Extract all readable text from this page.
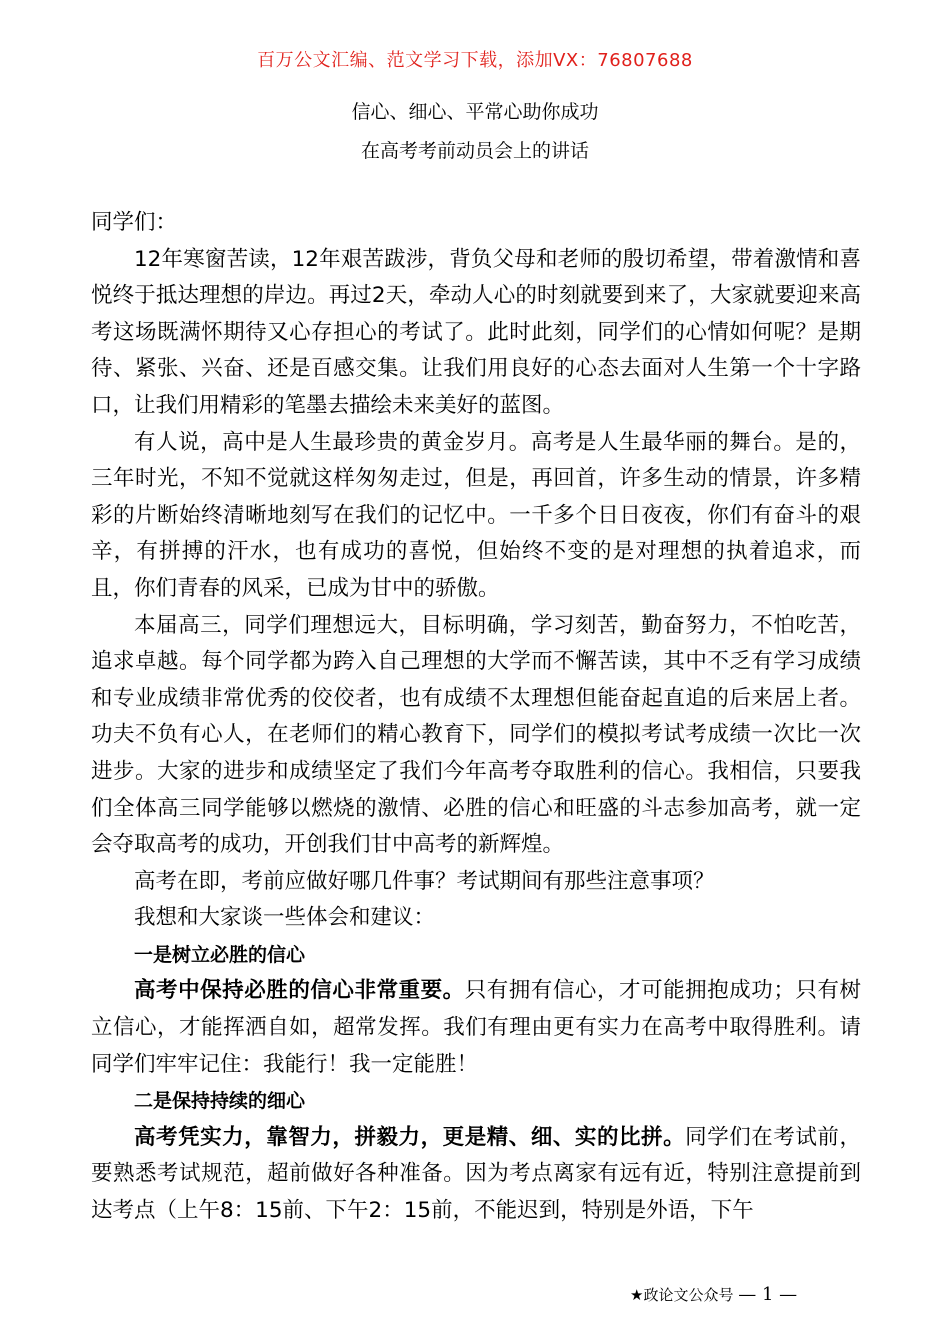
百万公文汇编、范文学习下载，添加VX：76807688
信心、细心、平常心助你成功
在高考考前动员会上的讲话

同学们：

12年寒窗苦读，12年艰苦跋涉，背负父母和老师的殷切希望，带着激情和喜悦终于抵达理想的岸边。再过2天，牵动人心的时刻就要到来了，大家就要迎来高考这场既满怀期待又心存担心的考试了。此时此刻，同学们的心情如何呢？是期待、紧张、兴奋、还是百感交集。让我们用良好的心态去面对人生第一个十字路口，让我们用精彩的笔墨去描绘未来美好的蓝图。

有人说，高中是人生最珍贵的黄金岁月。高考是人生最华丽的舞台。是的，三年时光，不知不觉就这样匆匆走过，但是，再回首，许多生动的情景，许多精彩的片断始终清晰地刻写在我们的记忆中。一千多个日日夜夜，你们有奋斗的艰辛，有拼搏的汗水，也有成功的喜悦，但始终不变的是对理想的执着追求，而且，你们青春的风采，已成为甘中的骄傲。

本届高三，同学们理想远大，目标明确，学习刻苦，勤奋努力，不怕吃苦，追求卓越。每个同学都为跨入自己理想的大学而不懈苦读，其中不乏有学习成绩和专业成绩非常优秀的佼佼者，也有成绩不太理想但能奋起直追的后来居上者。功夫不负有心人，在老师们的精心教育下，同学们的模拟考试考成绩一次比一次进步。大家的进步和成绩坚定了我们今年高考夺取胜利的信心。我相信，只要我们全体高三同学能够以燃烧的激情、必胜的信心和旺盛的斗志参加高考，就一定会夺取高考的成功，开创我们甘中高考的新辉煌。

高考在即，考前应做好哪几件事？考试期间有那些注意事项？

我想和大家谈一些体会和建议：

一是树立必胜的信心

高考中保持必胜的信心非常重要。只有拥有信心，才可能拥抱成功；只有树立信心，才能挥洒自如，超常发挥。我们有理由更有实力在高考中取得胜利。请同学们牢牢记住：我能行！我一定能胜！

二是保持持续的细心

高考凭实力，靠智力，拼毅力，更是精、细、实的比拼。同学们在考试前，要熟悉考试规范，超前做好各种准备。因为考点离家有远有近，特别注意提前到达考点（上午8：15前、下午2：15前，不能迟到，特别是外语，下午

★政论文公众号 — 1 —
